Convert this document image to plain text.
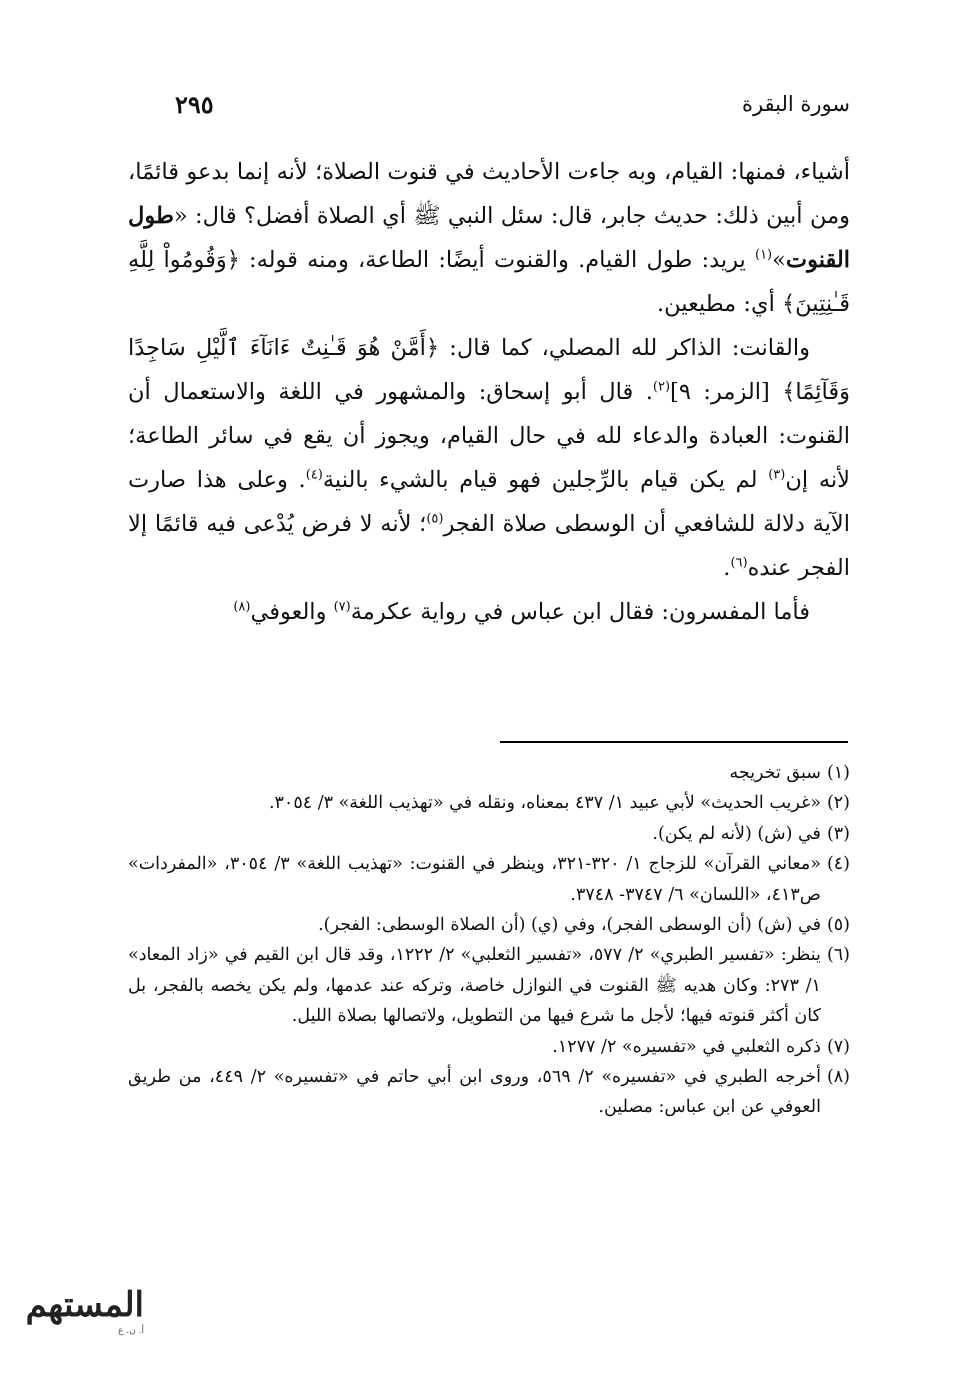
سورة البقرة
٢٩٥

أشياء، فمنها: القيام، وبه جاءت الأحاديث في قنوت الصلاة؛ لأنه إنما بدعو قائمًا، ومن أبين ذلك: حديث جابر، قال: سئل النبي ﷺ أي الصلاة أفضل؟ قال: «طول القنوت»$^{(١)}$ يريد: طول القيام. والقنوت أيضًا: الطاعة، ومنه قوله: ﴿وَقُومُواْ لِلَّهِ قَـٰنِتِينَ﴾ أي: مطيعين.

والقانت: الذاكر لله المصلي، كما قال: ﴿أَمَّنْ هُوَ قَـٰنِتٌ ءَانَآءَ ٱلَّيْلِ سَاجِدًا وَقَآئِمًا﴾ [الزمر: ٩]$^{(٢)}$. قال أبو إسحاق: والمشهور في اللغة والاستعمال أن القنوت: العبادة والدعاء لله في حال القيام، ويجوز أن يقع في سائر الطاعة؛ لأنه إن$^{(٣)}$ لم يكن قيام بالرِّجلين فهو قيام بالشيء بالنية$^{(٤)}$. وعلى هذا صارت الآية دلالة للشافعي أن الوسطى صلاة الفجر$^{(٥)}$؛ لأنه لا فرض يُدْعى فيه قائمًا إلا الفجر عنده$^{(٦)}$.

فأما المفسرون: فقال ابن عباس في رواية عكرمة$^{(٧)}$ والعوفي$^{(٨)}$

(١)
سبق تخريجه
(٢)
«غريب الحديث» لأبي عبيد ١/ ٤٣٧ بمعناه، ونقله في «تهذيب اللغة» ٣/ ٣٠٥٤.
(٣)
في (ش) (لأنه لم يكن).
(٤)
«معاني القرآن» للزجاج ١/ ٣٢٠-٣٢١، وينظر في القنوت: «تهذيب اللغة» ٣/ ٣٠٥٤، «المفردات» ص٤١٣، «اللسان» ٦/ ٣٧٤٧- ٣٧٤٨.
(٥)
في (ش) (أن الوسطى الفجر)، وفي (ي) (أن الصلاة الوسطى: الفجر).
(٦)
ينظر: «تفسير الطبري» ٢/ ٥٧٧، «تفسير الثعلبي» ٢/ ١٢٢٢، وقد قال ابن القيم في «زاد المعاد» ١/ ٢٧٣: وكان هديه ﷺ القنوت في النوازل خاصة، وتركه عند عدمها، ولم يكن يخصه بالفجر، بل كان أكثر قنوته فيها؛ لأجل ما شرع فيها من التطويل، ولاتصالها بصلاة الليل.
(٧)
ذكره الثعلبي في «تفسيره» ٢/ ١٢٧٧.
(٨)
أخرجه الطبري في «تفسيره» ٢/ ٥٦٩، وروى ابن أبي حاتم في «تفسيره» ٢/ ٤٤٩، من طريق العوفي عن ابن عباس: مصلين.
المستهم
أ. ن. ع
